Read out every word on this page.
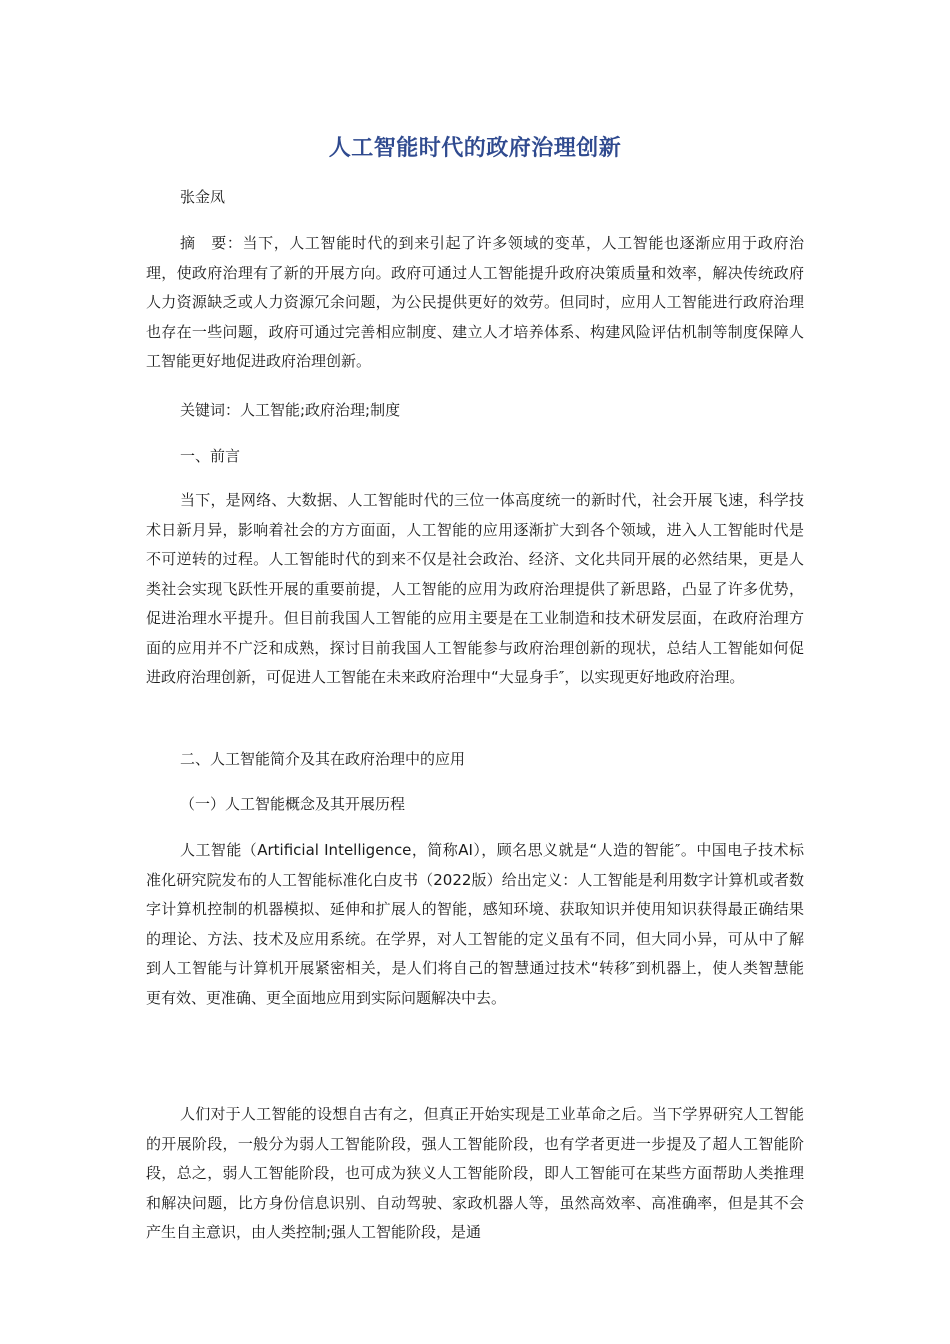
人工智能时代的政府治理创新

张金凤

摘　要：当下，人工智能时代的到来引起了许多领域的变革，人工智能也逐渐应用于政府治理，使政府治理有了新的开展方向。政府可通过人工智能提升政府决策质量和效率，解决传统政府人力资源缺乏或人力资源冗余问题，为公民提供更好的效劳。但同时，应用人工智能进行政府治理也存在一些问题，政府可通过完善相应制度、建立人才培养体系、构建风险评估机制等制度保障人工智能更好地促进政府治理创新。

关键词：人工智能;政府治理;制度

一、前言

当下，是网络、大数据、人工智能时代的三位一体高度统一的新时代，社会开展飞速，科学技术日新月异，影响着社会的方方面面，人工智能的应用逐渐扩大到各个领域，进入人工智能时代是不可逆转的过程。人工智能时代的到来不仅是社会政治、经济、文化共同开展的必然结果，更是人类社会实现飞跃性开展的重要前提，人工智能的应用为政府治理提供了新思路，凸显了许多优势，促进治理水平提升。但目前我国人工智能的应用主要是在工业制造和技术研发层面，在政府治理方面的应用并不广泛和成熟，探讨目前我国人工智能参与政府治理创新的现状，总结人工智能如何促进政府治理创新，可促进人工智能在未来政府治理中“大显身手″，以实现更好地政府治理。

二、人工智能简介及其在政府治理中的应用

（一）人工智能概念及其开展历程

人工智能（Artificial Intelligence，简称AI），顾名思义就是“人造的智能″。中国电子技术标准化研究院发布的人工智能标准化白皮书（2022版）给出定义：人工智能是利用数字计算机或者数字计算机控制的机器模拟、延伸和扩展人的智能，感知环境、获取知识并使用知识获得最正确结果的理论、方法、技术及应用系统。在学界，对人工智能的定义虽有不同，但大同小异，可从中了解到人工智能与计算机开展紧密相关，是人们将自己的智慧通过技术“转移″到机器上，使人类智慧能更有效、更准确、更全面地应用到实际问题解决中去。

人们对于人工智能的设想自古有之，但真正开始实现是工业革命之后。当下学界研究人工智能的开展阶段，一般分为弱人工智能阶段，强人工智能阶段，也有学者更进一步提及了超人工智能阶段，总之，弱人工智能阶段，也可成为狭义人工智能阶段，即人工智能可在某些方面帮助人类推理和解决问题，比方身份信息识别、自动驾驶、家政机器人等，虽然高效率、高准确率，但是其不会产生自主意识，由人类控制;强人工智能阶段，是通
